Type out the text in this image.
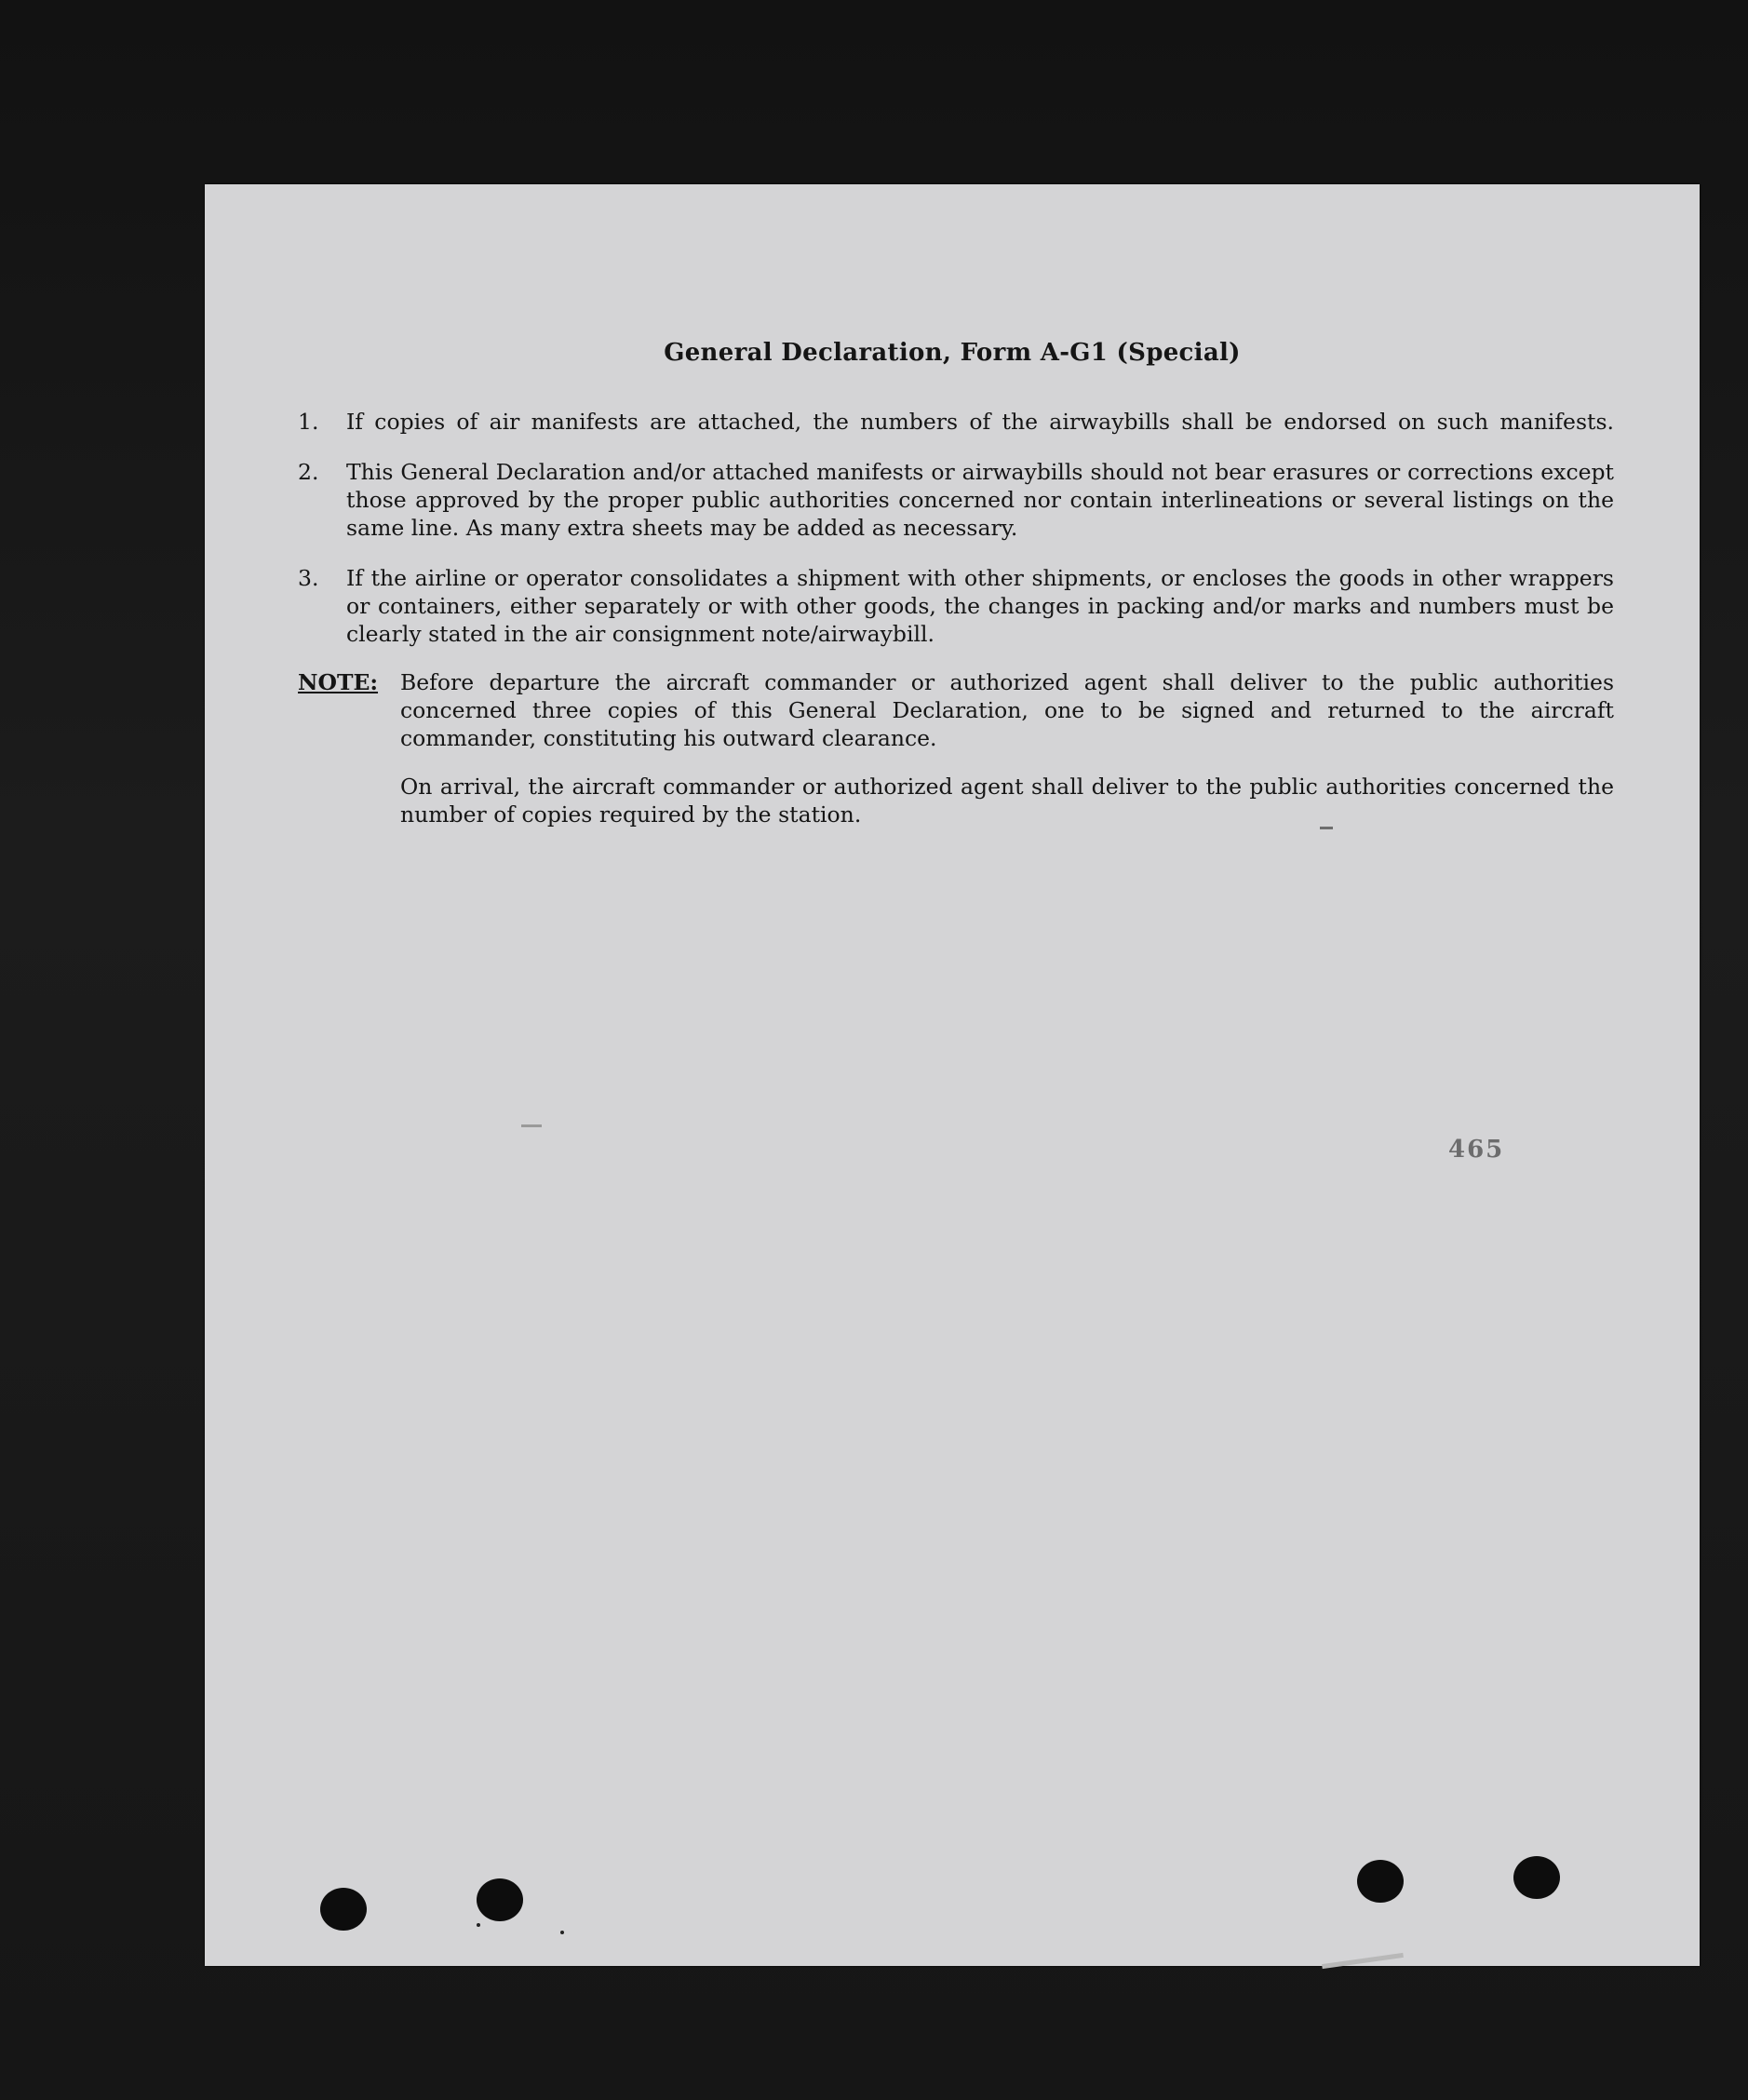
General Declaration, Form A-G1 (Special)
1.	If copies of air manifests are attached, the numbers of the airwaybills shall be endorsed on such manifests.
2.	This General Declaration and/or attached manifests or airwaybills should not bear erasures or corrections except those approved by the proper public authorities concerned nor contain interlineations or several listings on the same line. As many extra sheets may be added as necessary.
3.	If the airline or operator consolidates a shipment with other shipments, or encloses the goods in other wrappers or containers, either separately or with other goods, the changes in packing and/or marks and numbers must be clearly stated in the air consignment note/airwaybill.
NOTE: Before departure the aircraft commander or authorized agent shall deliver to the public authorities concerned three copies of this General Declaration, one to be signed and returned to the aircraft commander, constituting his outward clearance.
On arrival, the aircraft commander or authorized agent shall deliver to the public authorities concerned the number of copies required by the station.
465
